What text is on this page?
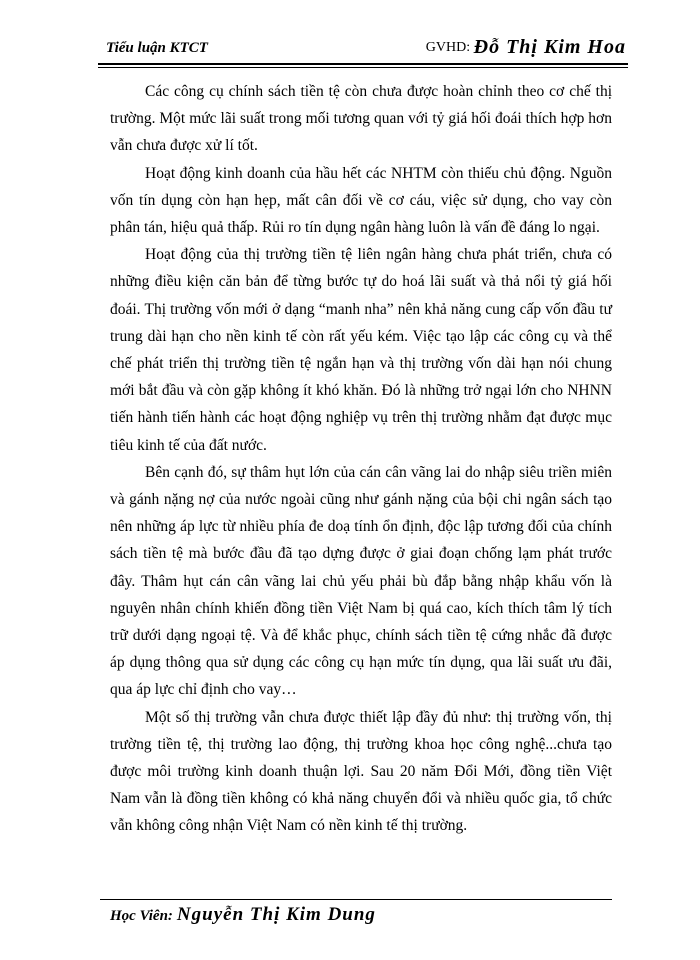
Tiểu luận KTCT	GVHD: Đỗ Thị Kim Hoa

Các công cụ chính sách tiền tệ còn chưa được hoàn chỉnh theo cơ chế thị trường. Một mức lãi suất trong mối tương quan với tỷ giá hối đoái thích hợp hơn vẫn chưa được xử lí tốt.

Hoạt động kinh doanh của hầu hết các NHTM còn thiếu chủ động. Nguồn vốn tín dụng còn hạn hẹp, mất cân đối về cơ cáu, việc sử dụng, cho vay còn phân tán, hiệu quả thấp. Rủi ro tín dụng ngân hàng luôn là vấn đề đáng lo ngại.

Hoạt động của thị trường tiền tệ liên ngân hàng chưa phát triển, chưa có những điều kiện căn bản để từng bước tự do hoá lãi suất và thả nổi tỷ giá hối đoái. Thị trường vốn mới ở dạng “manh nha” nên khả năng cung cấp vốn đầu tư trung dài hạn cho nền kinh tế còn rất yếu kém. Việc tạo lập các công cụ và thể chế phát triển thị trường tiền tệ ngắn hạn và thị trường vốn dài hạn nói chung mới bắt đầu và còn gặp không ít khó khăn. Đó là những trở ngại lớn cho NHNN tiến hành tiến hành các hoạt động nghiệp vụ trên thị trường nhằm đạt được mục tiêu kinh tế của đất nước.

Bên cạnh đó, sự thâm hụt lớn của cán cân vãng lai do nhập siêu triền miên và gánh nặng nợ của nước ngoài cũng như gánh nặng của bội chi ngân sách tạo nên những áp lực từ nhiều phía đe doạ tính ổn định, độc lập tương đối của chính sách tiền tệ mà bước đầu đã tạo dựng được ở giai đoạn chống lạm phát trước đây. Thâm hụt cán cân vãng lai chủ yếu phải bù đắp bằng nhập khẩu vốn là nguyên nhân chính khiến đồng tiền Việt Nam bị quá cao, kích thích tâm lý tích trữ dưới dạng ngoại tệ. Và để khắc phục, chính sách tiền tệ cứng nhắc đã được áp dụng thông qua sử dụng các công cụ hạn mức tín dụng, qua lãi suất ưu đãi, qua áp lực chỉ định cho vay…

Một số thị trường vẫn chưa được thiết lập đầy đủ như: thị trường vốn, thị trường tiền tệ, thị trường lao động, thị trường khoa học công nghệ...chưa tạo được môi trường kinh doanh thuận lợi. Sau 20 năm Đổi Mới, đồng tiền Việt Nam vẫn là đồng tiền không có khả năng chuyển đổi và nhiều quốc gia, tổ chức vẫn không công nhận Việt Nam có nền kinh tế thị trường.

Học Viên: Nguyễn Thị Kim Dung
